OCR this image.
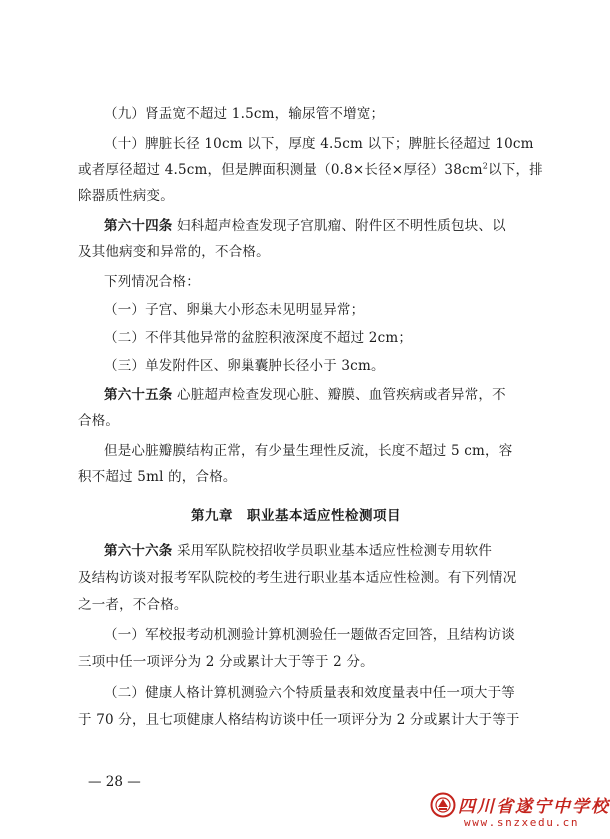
（九）肾盂宽不超过 1.5cm，输尿管不增宽；
（十）脾脏长径 10cm 以下，厚度 4.5cm 以下；脾脏长径超过 10cm
或者厚径超过 4.5cm，但是脾面积测量（0.8×长径×厚径）$38cm^2$以下，排
除器质性病变。
第六十四条 妇科超声检查发现子宫肌瘤、附件区不明性质包块、以
及其他病变和异常的，不合格。
下列情况合格：
（一）子宫、卵巢大小形态未见明显异常；
（二）不伴其他异常的盆腔积液深度不超过 2cm；
（三）单发附件区、卵巢囊肿长径小于 3cm。
第六十五条 心脏超声检查发现心脏、瓣膜、血管疾病或者异常，不
合格。
但是心脏瓣膜结构正常，有少量生理性反流，长度不超过 5 cm，容
积不超过 5ml 的，合格。
第九章 职业基本适应性检测项目
第六十六条 采用军队院校招收学员职业基本适应性检测专用软件
及结构访谈对报考军队院校的考生进行职业基本适应性检测。有下列情况
之一者，不合格。
（一）军校报考动机测验计算机测验任一题做否定回答，且结构访谈
三项中任一项评分为 2 分或累计大于等于 2 分。
（二）健康人格计算机测验六个特质量表和效度量表中任一项大于等
于 70 分，且七项健康人格结构访谈中任一项评分为 2 分或累计大于等于
— 28 —
四川省遂宁中学校
www.snzxedu.cn
